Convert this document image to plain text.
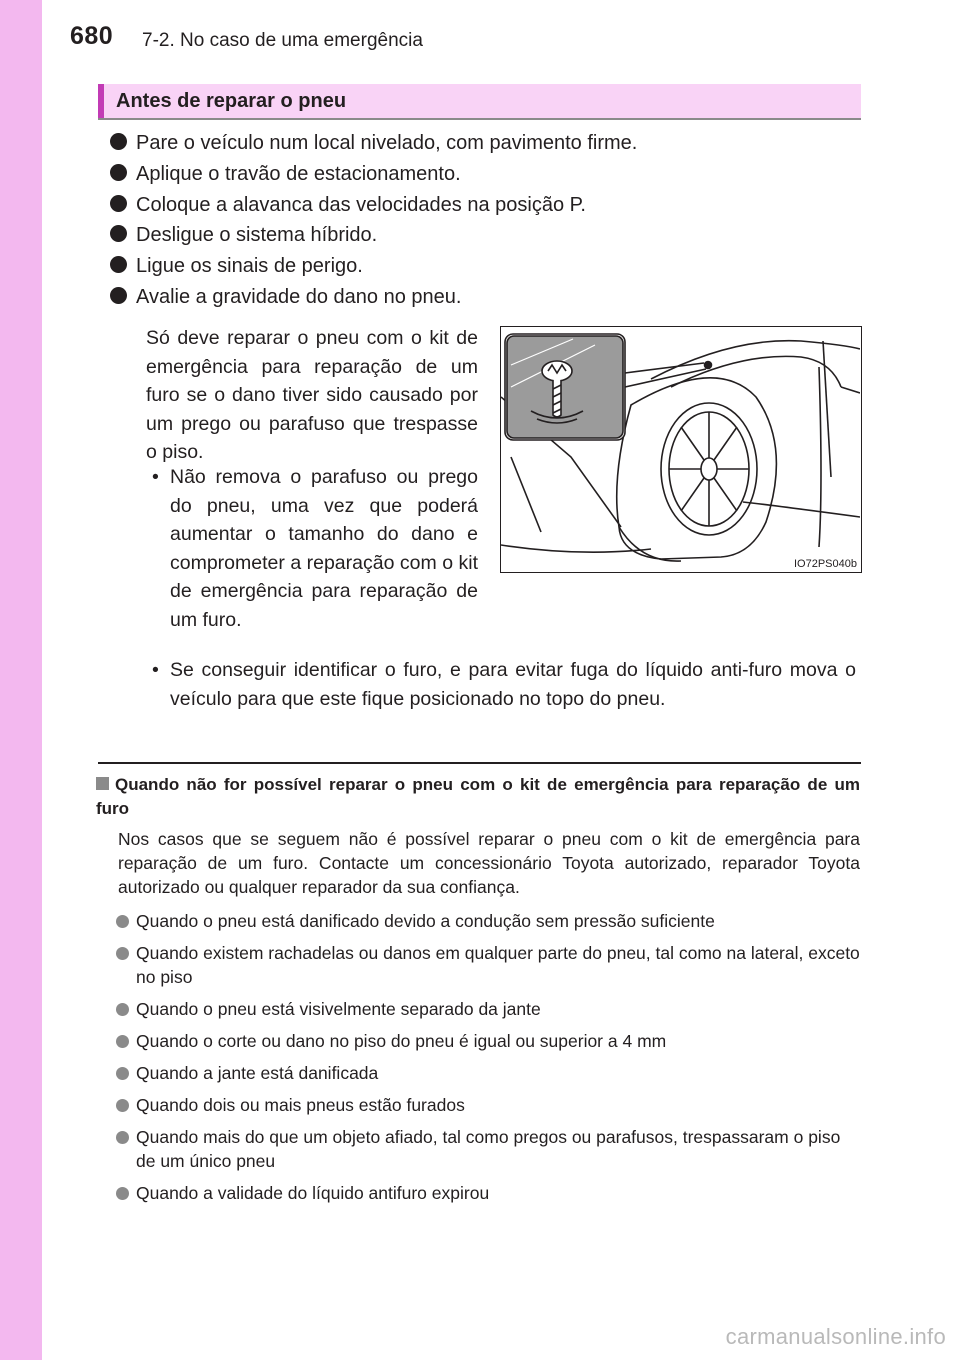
680 7-2. No caso de uma emergência
Antes de reparar o pneu
Pare o veículo num local nivelado, com pavimento firme.
Aplique o travão de estacionamento.
Coloque a alavanca das velocidades na posição P.
Desligue o sistema híbrido.
Ligue os sinais de perigo.
Avalie a gravidade do dano no pneu.

Só deve reparar o pneu com o kit de emergência para reparação de um furo se o dano tiver sido causado por um prego ou parafuso que trespasse o piso.

• Não remova o parafuso ou prego do pneu, uma vez que poderá aumentar o tamanho do dano e comprometer a reparação com o kit de emergência para reparação de um furo.
• Se conseguir identificar o furo, e para evitar fuga do líquido anti-furo mova o veículo para que este fique posicionado no topo do pneu.
IO72PS040b
Quando não for possível reparar o pneu com o kit de emergência para reparação de um furo

Nos casos que se seguem não é possível reparar o pneu com o kit de emergência para reparação de um furo. Contacte um concessionário Toyota autorizado, reparador Toyota autorizado ou qualquer reparador da sua confiança.

Quando o pneu está danificado devido a condução sem pressão suficiente
Quando existem rachadelas ou danos em qualquer parte do pneu, tal como na lateral, exceto no piso
Quando o pneu está visivelmente separado da jante
Quando o corte ou dano no piso do pneu é igual ou superior a 4 mm
Quando a jante está danificada
Quando dois ou mais pneus estão furados
Quando mais do que um objeto afiado, tal como pregos ou parafusos, trespassaram o piso de um único pneu
Quando a validade do líquido antifuro expirou
carmanualsonline.info
